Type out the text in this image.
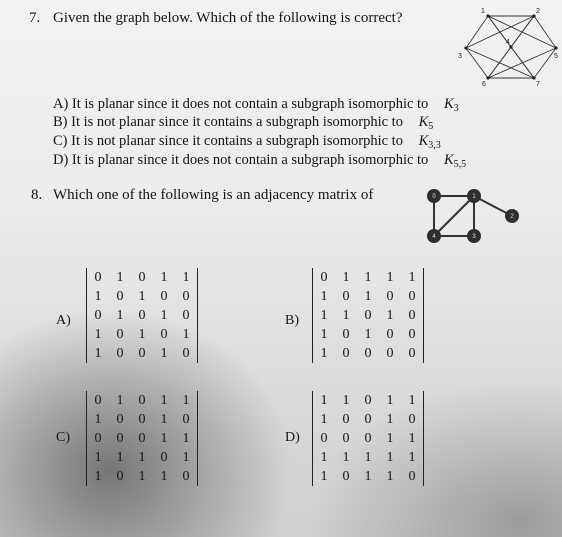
7. Given the graph below. Which of the following is correct?	1	2
3
4
5
6	7
A) It is planar since it does not contain a subgraph isomorphic to $K_3$
B) It is not planar since it contains a subgraph isomorphic to $K_5$
C) It is not planar since it contains a subgraph isomorphic to $K_{3,3}$
D) It is planar since it does not contain a subgraph isomorphic to $K_{5,5}$
8. Which one of the following is an adjacency matrix of	0	1
2
3
4
A)
0	1	0	1	1
1	0	1	0	0
0	1	0	1	0
1	0	1	0	1
1	0	0	1	0
B)
0	1	1	1	1
1	0	1	0	0
1	1	0	1	0
1	0	1	0	0
1	0	0	0	0
C)
0	1	0	1	1
1	0	0	1	0
0	0	0	1	1
1	1	1	0	1
1	0	1	1	0
D)
1	1	0	1	1
1	0	0	1	0
0	0	0	1	1
1	1	1	1	1
1	0	1	1	0
